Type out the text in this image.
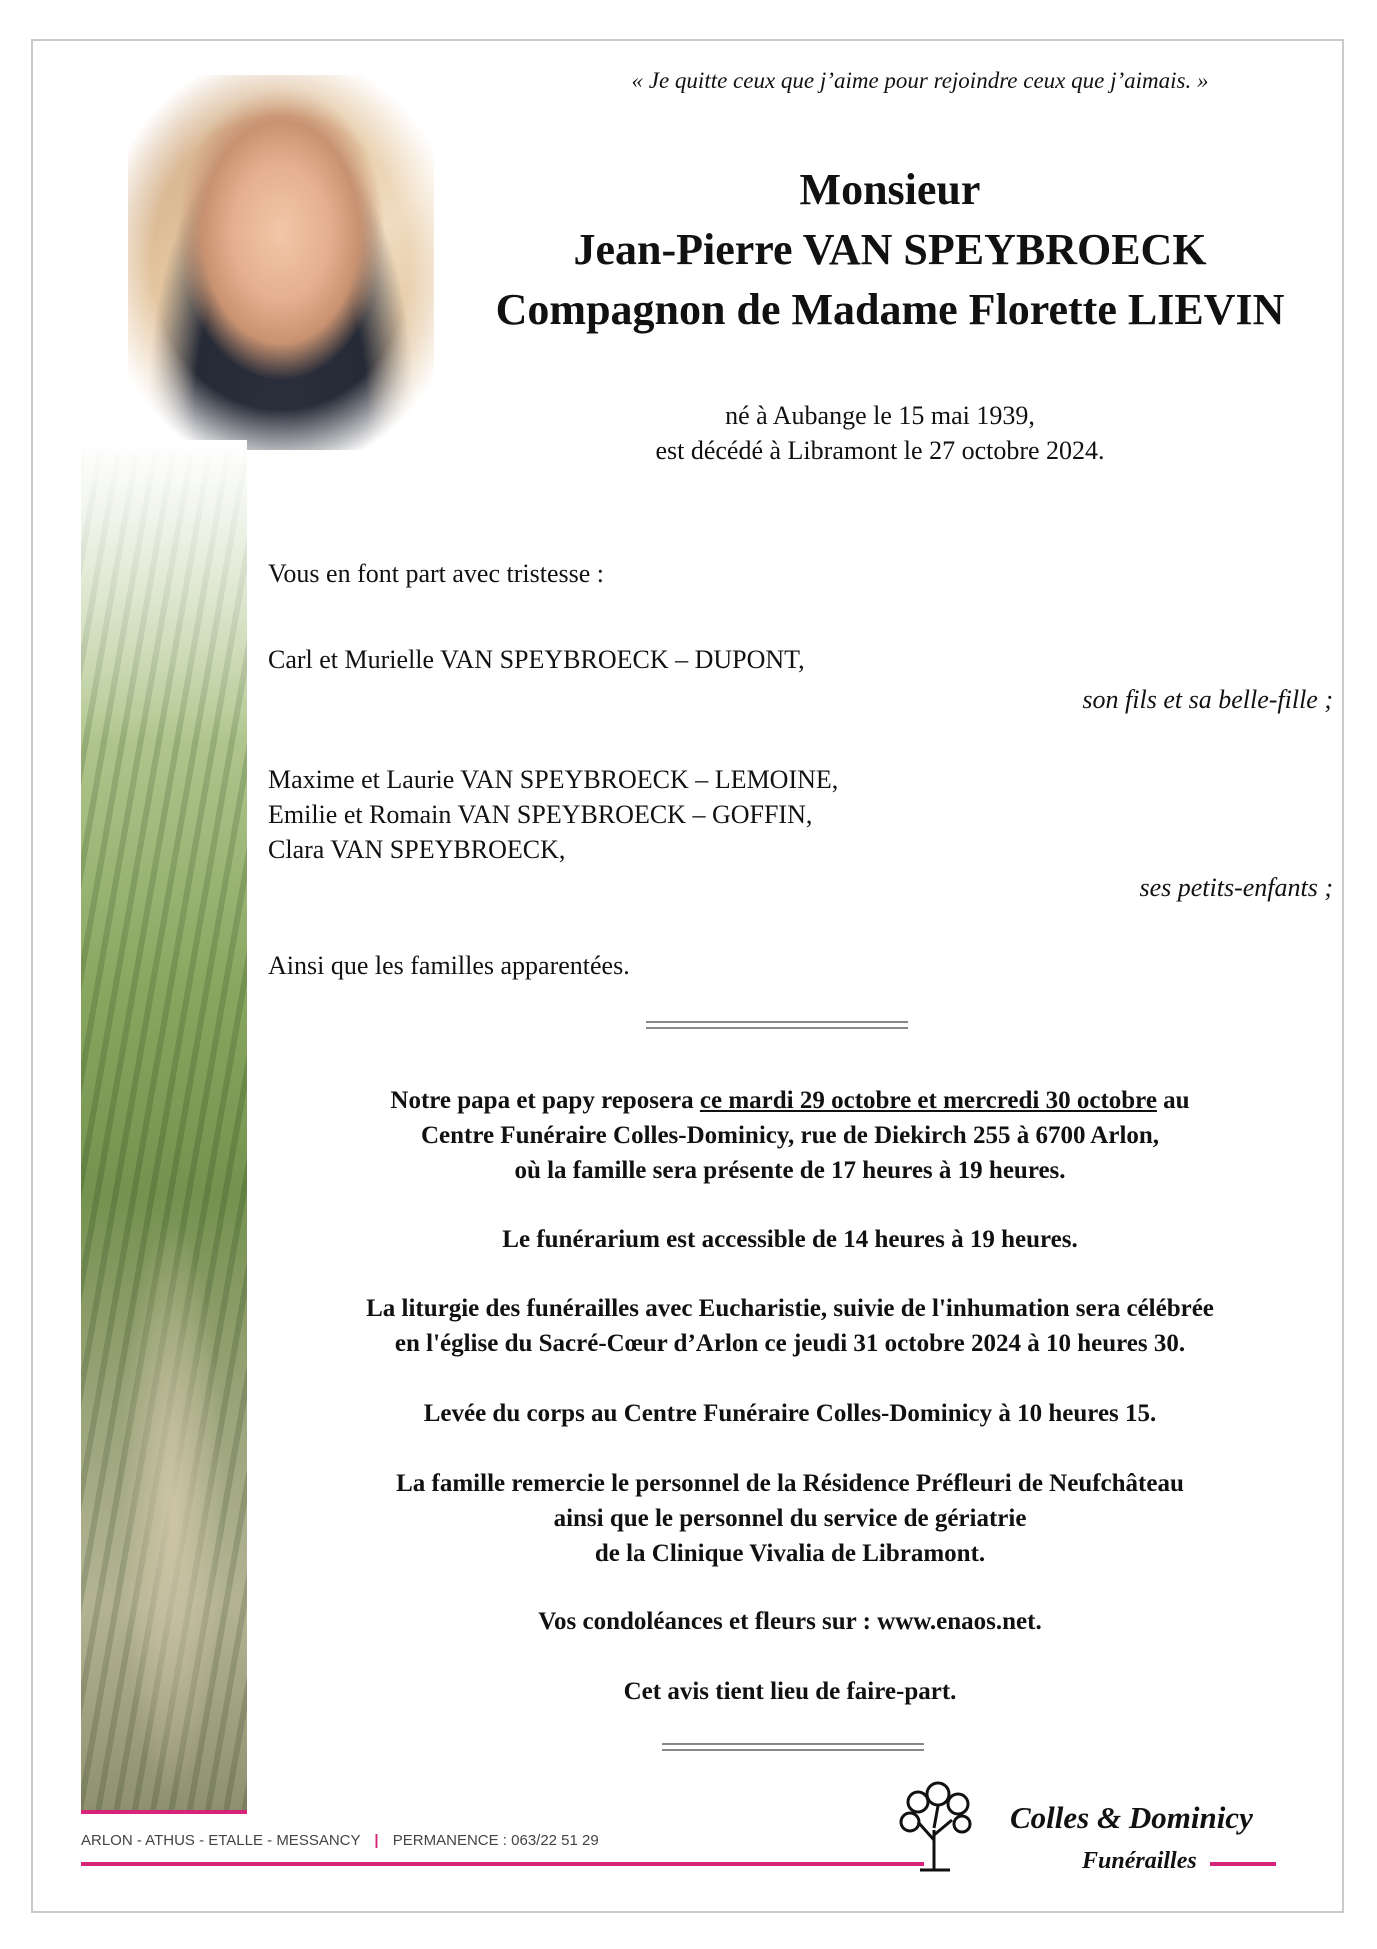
« Je quitte ceux que j’aime pour rejoindre ceux que j’aimais. »
Monsieur
Jean-Pierre VAN SPEYBROECK
Compagnon de Madame Florette LIEVIN
né à Aubange le 15 mai 1939,
est décédé à Libramont le 27 octobre 2024.
Vous en font part avec tristesse :
Carl et Murielle VAN SPEYBROECK – DUPONT,
son fils et sa belle-fille ;
Maxime et Laurie VAN SPEYBROECK – LEMOINE,
Emilie et Romain VAN SPEYBROECK – GOFFIN,
Clara VAN SPEYBROECK,
ses petits-enfants ;
Ainsi que les familles apparentées.
Notre papa et papy reposera ce mardi 29 octobre et mercredi 30 octobre au
Centre Funéraire Colles-Dominicy, rue de Diekirch 255 à 6700 Arlon,
où la famille sera présente de 17 heures à 19 heures.
Le funérarium est accessible de 14 heures à 19 heures.
La liturgie des funérailles avec Eucharistie, suivie de l'inhumation sera célébrée
en l'église du Sacré-Cœur d’Arlon ce jeudi 31 octobre 2024 à 10 heures 30.
Levée du corps au Centre Funéraire Colles-Dominicy à 10 heures 15.
La famille remercie le personnel de la Résidence Préfleuri de Neufchâteau
ainsi que le personnel du service de gériatrie
de la Clinique Vivalia de Libramont.
Vos condoléances et fleurs sur : www.enaos.net.
Cet avis tient lieu de faire-part.
ARLON - ATHUS - ETALLE - MESSANCY | PERMANENCE : 063/22 51 29
Colles & Dominicy
Funérailles
